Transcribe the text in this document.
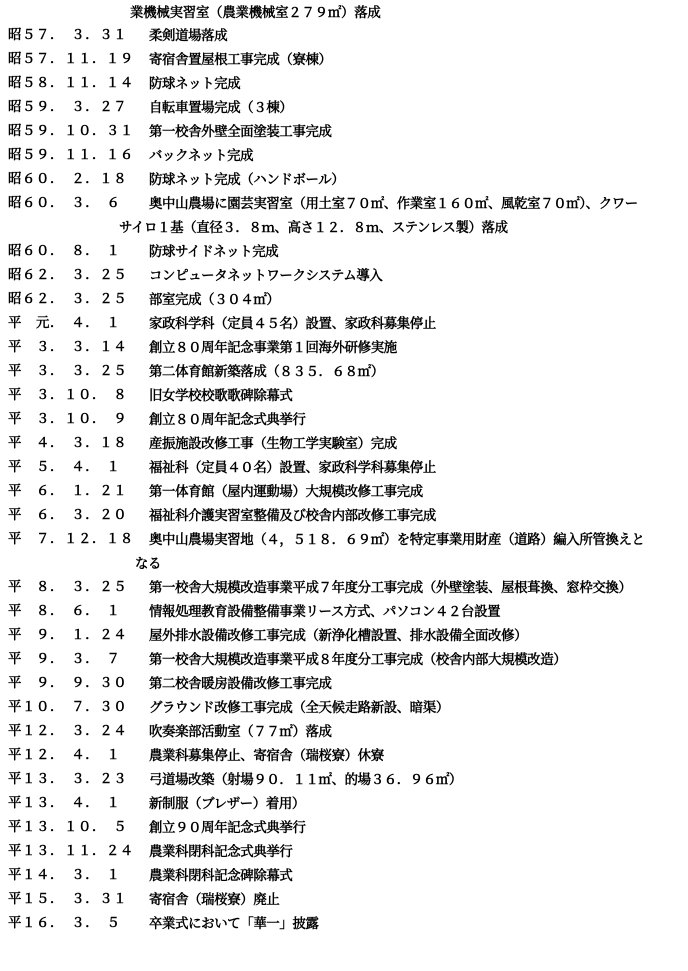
業機械実習室（農業機械室２７９㎡）落成
昭５７．　３．３１	柔剣道場落成
昭５７．１１．１９	寄宿舎置屋根工事完成（寮棟）
昭５８．１１．１４	防球ネット完成
昭５９．　３．２７	自転車置場完成（３棟）
昭５９．１０．３１	第一校舎外壁全面塗装工事完成
昭５９．１１．１６	バックネット完成
昭６０．　２．１８	防球ネット完成（ハンドボール）
昭６０．　３．　６	奥中山農場に園芸実習室（用土室７０㎡、作業室１６０㎡、風乾室７０㎡）、クワー
サイロ１基（直径３．８ｍ、高さ１２．８ｍ、ステンレス製）落成
昭６０．　８．　１	防球サイドネット完成
昭６２．　３．２５	コンピュータネットワークシステム導入
昭６２．　３．２５	部室完成（３０４㎡）
平　元．　４．　１	家政科学科（定員４５名）設置、家政科募集停止
平　３．　３．１４	創立８０周年記念事業第１回海外研修実施
平　３．　３．２５	第二体育館新築落成（８３５．６８㎡）
平　３．１０．　８	旧女学校校歌歌碑除幕式
平　３．１０．　９	創立８０周年記念式典挙行
平　４．　３．１８	産振施設改修工事（生物工学実験室）完成
平　５．　４．　１	福祉科（定員４０名）設置、家政科学科募集停止
平　６．　１．２１	第一体育館（屋内運動場）大規模改修工事完成
平　６．　３．２０	福祉科介護実習室整備及び校舎内部改修工事完成
平　７．１２．１８	奥中山農場実習地（４，５１８．６９㎡）を特定事業用財産（道路）編入所管換えと
なる
平　８．　３．２５	第一校舎大規模改造事業平成７年度分工事完成（外壁塗装、屋根葺換、窓枠交換）
平　８．　６．　１	情報処理教育設備整備事業リース方式、パソコン４２台設置
平　９．　１．２４	屋外排水設備改修工事完成（新浄化槽設置、排水設備全面改修）
平　９．　３．　７	第一校舎大規模改造事業平成８年度分工事完成（校舎内部大規模改造）
平　９．　９．３０	第二校舎暖房設備改修工事完成
平１０．　７．３０	グラウンド改修工事完成（全天候走路新設、暗渠）
平１２．　３．２４	吹奏楽部活動室（７７㎡）落成
平１２．　４．　１	農業科募集停止、寄宿舎（瑞桜寮）休寮
平１３．　３．２３	弓道場改築（射場９０．１１㎡、的場３６．９６㎡）
平１３．　４．　１	新制服（ブレザー）着用）
平１３．１０．　５	創立９０周年記念式典挙行
平１３．１１．２４	農業科閉科記念式典挙行
平１４．　３．　１	農業科閉科記念碑除幕式
平１５．　３．３１	寄宿舎（瑞桜寮）廃止
平１６．　３．　５	卒業式において「華一」披露
